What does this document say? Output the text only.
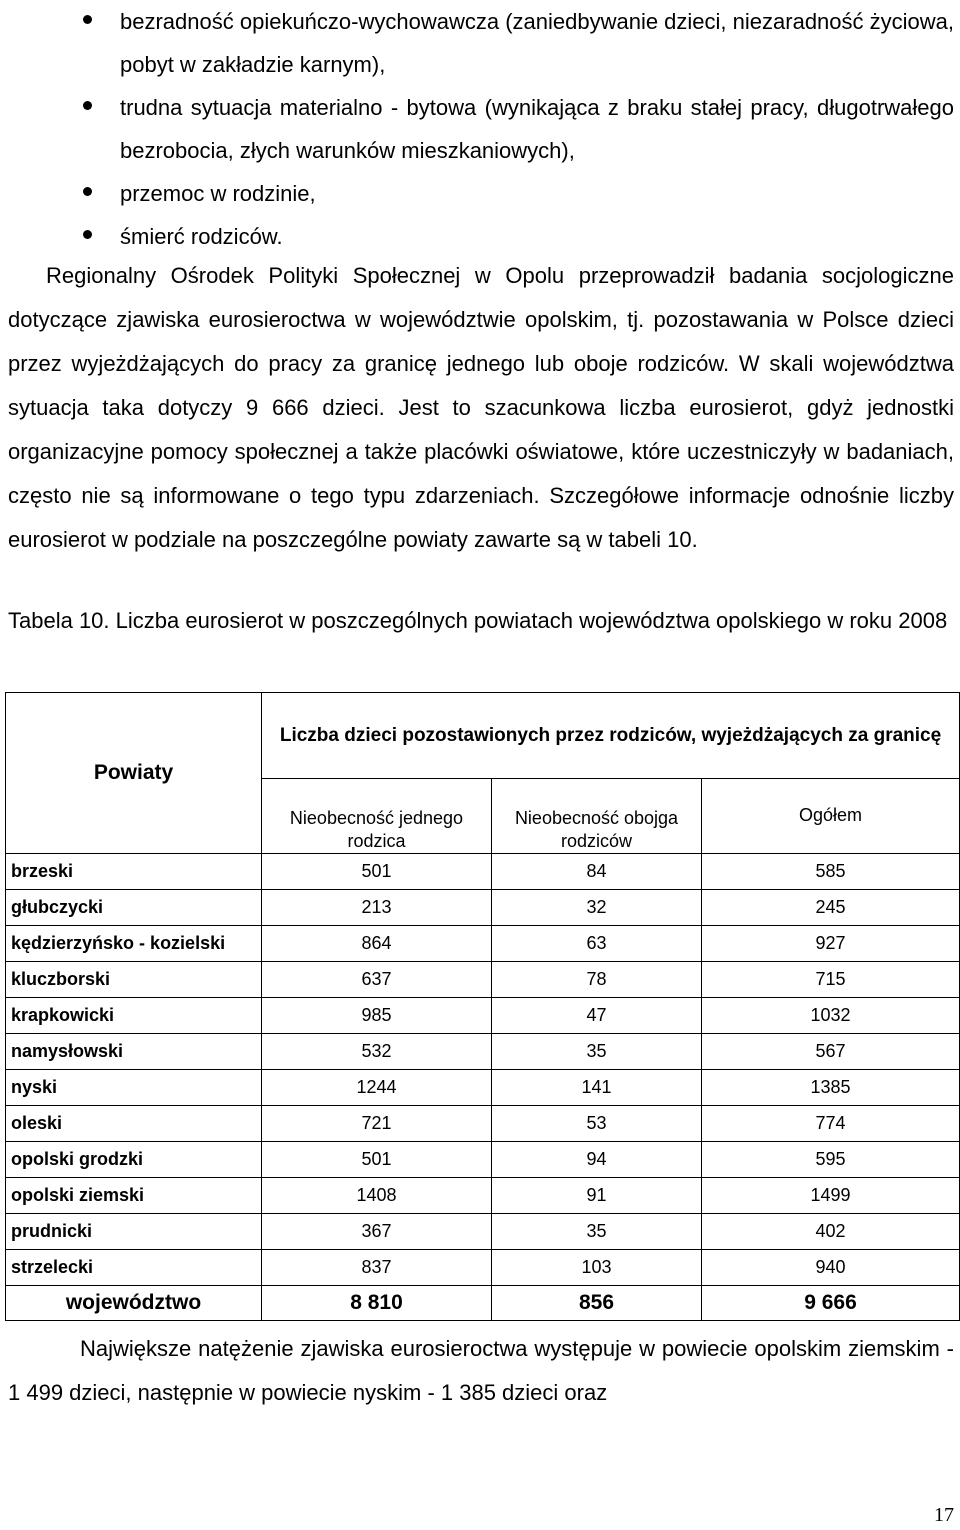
bezradność opiekuńczo-wychowawcza (zaniedbywanie dzieci, niezaradność życiowa, pobyt w zakładzie karnym),
trudna sytuacja materialno - bytowa (wynikająca z braku stałej pracy, długotrwałego bezrobocia, złych warunków mieszkaniowych),
przemoc w rodzinie,
śmierć rodziców.
Regionalny Ośrodek Polityki Społecznej w Opolu przeprowadził badania socjologiczne dotyczące zjawiska eurosieroctwa w województwie opolskim, tj. pozostawania w Polsce dzieci przez wyjeżdżających do pracy za granicę jednego lub oboje rodziców. W skali województwa sytuacja taka dotyczy 9 666 dzieci. Jest to szacunkowa liczba eurosierot, gdyż jednostki organizacyjne pomocy społecznej a także placówki oświatowe, które uczestniczyły w badaniach, często nie są informowane o tego typu zdarzeniach. Szczegółowe informacje odnośnie liczby eurosierot w podziale na poszczególne powiaty zawarte są w tabeli 10.
Tabela 10. Liczba eurosierot w poszczególnych powiatach województwa opolskiego w roku 2008
Powiaty	Liczba dzieci pozostawionych przez rodziców, wyjeżdżających za granicę		
	Nieobecność jednego rodzica	Nieobecność obojga rodziców	Ogółem
brzeski	501	84	585
głubczycki	213	32	245
kędzierzyńsko - kozielski	864	63	927
kluczborski	637	78	715
krapkowicki	985	47	1032
namysłowski	532	35	567
nyski	1244	141	1385
oleski	721	53	774
opolski grodzki	501	94	595
opolski ziemski	1408	91	1499
prudnicki	367	35	402
strzelecki	837	103	940
województwo	8 810	856	9 666
Największe natężenie zjawiska eurosieroctwa występuje w powiecie opolskim ziemskim - 1 499 dzieci, następnie w powiecie nyskim - 1 385 dzieci oraz
17
